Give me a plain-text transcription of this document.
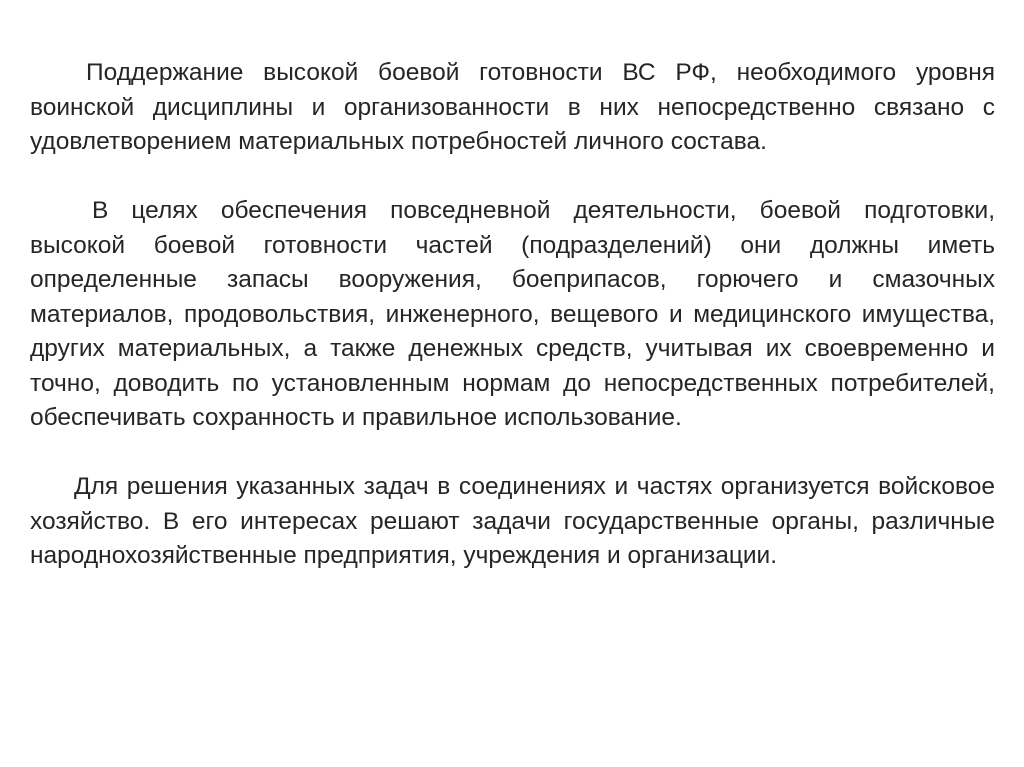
Поддержание высокой боевой готовности ВС РФ, необходимого уровня воинской дисциплины и организованности в них непосредственно связано с удовлетворением материальных потребностей личного состава.

В целях обеспечения повседневной деятельности, боевой подготовки, высокой боевой готовности частей (подразделений) они должны иметь определенные запасы вооружения, боеприпасов, горючего и смазочных материалов, продовольствия, инженерного, вещевого и медицинского имущества, других материальных, а также денежных средств, учитывая их своевременно и точно, доводить по установленным нормам до непосредственных потребителей, обеспечивать сохранность и правильное использование.

Для решения указанных задач в соединениях и частях организуется войсковое хозяйство. В его интересах решают задачи государственные органы, различные народнохозяйственные предприятия, учреждения и организации.
